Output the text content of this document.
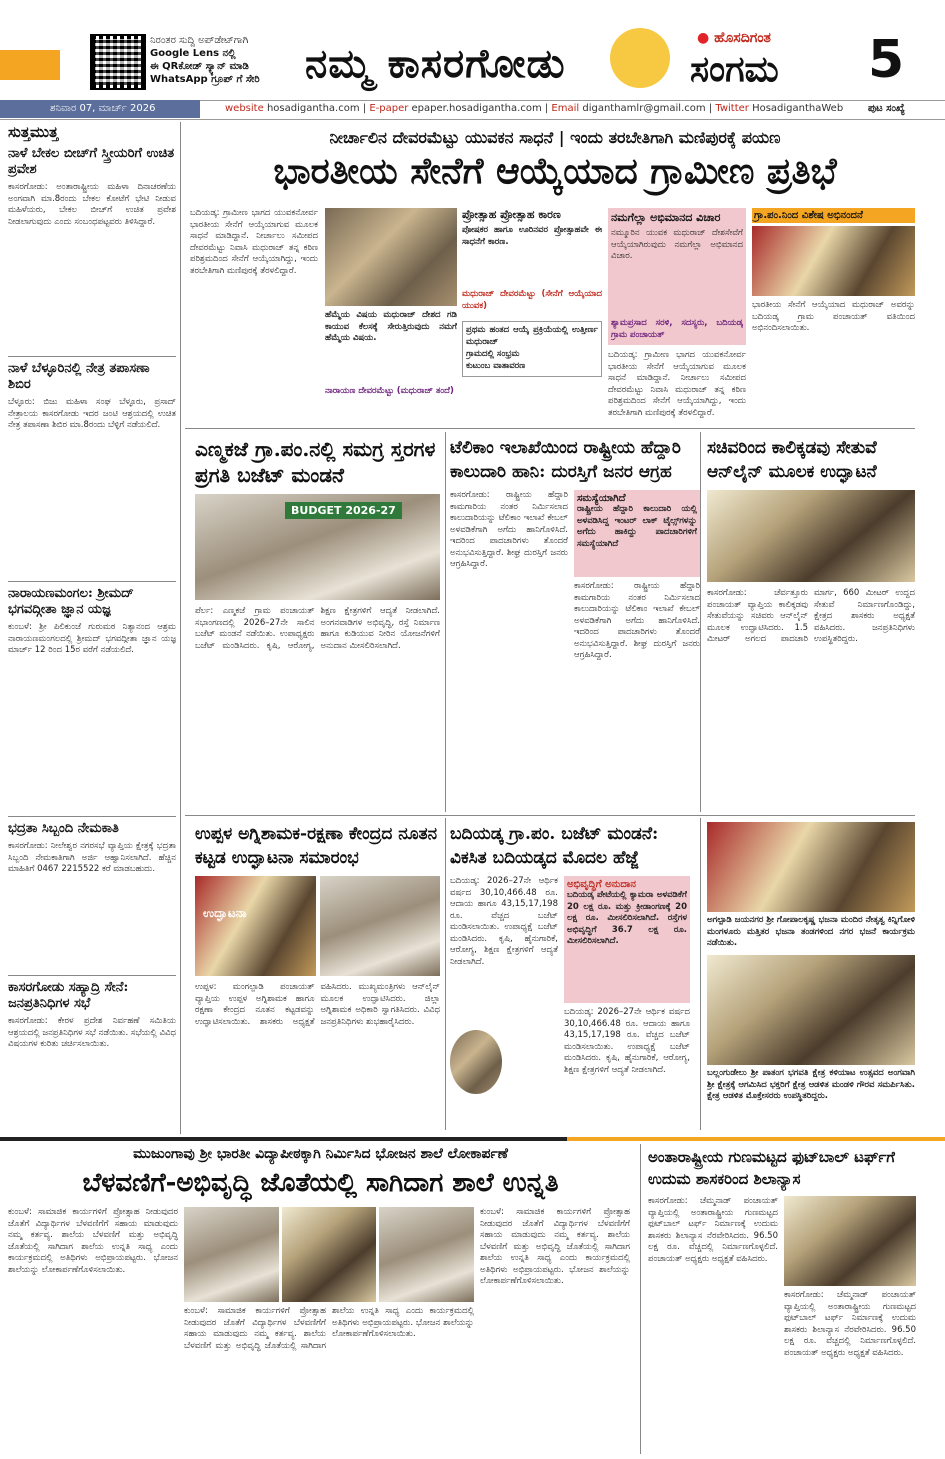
ನಿರಂತರ ಸುದ್ದಿ ಅಪ್‌ಡೇಟ್‌ಗಾಗಿ
Google Lens ನಲ್ಲಿ
ಈ QRಕೋಡ್ ಸ್ಕ್ಯಾನ್ ಮಾಡಿ
WhatsApp ಗ್ರೂಪ್ ಗೆ ಸೇರಿ	ನಮ್ಮ ಕಾಸರಗೋಡು
● ಹೊಸದಿಗಂತ
ಸಂಗಮ 5
ಶನಿವಾರ 07, ಮಾರ್ಚ್ 2026	website hosadigantha.com | E-paper epaper.hosadigantha.com | Email diganthamlr@gmail.com | Twitter HosadiganthaWeb ಪುಟ ಸಂಖ್ಯೆ
ಸುತ್ತಮುತ್ತ
ನಾಳೆ ಬೇಕಲ ಬೀಚ್‌ಗೆ ಸ್ತ್ರೀಯರಿಗೆ ಉಚಿತ ಪ್ರವೇಶ
ಕಾಸರಗೋಡು: ಅಂತಾರಾಷ್ಟ್ರೀಯ ಮಹಿಳಾ ದಿನಾಚರಣೆಯ ಅಂಗವಾಗಿ ಮಾ.8ರಂದು ಬೇಕಲ ಕೋಟೆಗೆ ಭೇಟಿ ನೀಡುವ ಮಹಿಳೆಯರು, ಬೇಕಲ ಬೀಚ್‌ಗೆ ಉಚಿತ ಪ್ರವೇಶ ನೀಡಲಾಗುವುದು ಎಂದು ಸಂಬಂಧಪಟ್ಟವರು ತಿಳಿಸಿದ್ದಾರೆ.
ನಾಳೆ ಬೆಳ್ಳೂರಿನಲ್ಲಿ ನೇತ್ರ ತಪಾಸಣಾ ಶಿಬಿರ
ಬೆಳ್ಳೂರು: ಬಿಜು ಮಹಿಳಾ ಸಂಘ ಬೆಳ್ಳೂರು, ಪ್ರಸಾದ್ ನೇತ್ರಾಲಯ ಕಾಸರಗೋಡು ಇದರ ಜಂಟಿ ಆಶ್ರಯದಲ್ಲಿ ಉಚಿತ ನೇತ್ರ ತಪಾಸಣಾ ಶಿಬಿರ ಮಾ.8ರಂದು ಬೆಳ್ಳಿಗೆ ನಡೆಯಲಿದೆ.
ನಾರಾಯಣಮಂಗಲ: ಶ್ರೀಮದ್ ಭಗವದ್ಗೀತಾ ಜ್ಞಾನ ಯಜ್ಞ
ಕುಂಬಳೆ: ಶ್ರೀ ಪಿಲಿಕುಂಜೆ ಗುರುಮಠ ನಿತ್ಯಾನಂದ ಆಶ್ರಮ ನಾರಾಯಣಮಂಗಲದಲ್ಲಿ ಶ್ರೀಮದ್ ಭಗವದ್ಗೀತಾ ಜ್ಞಾನ ಯಜ್ಞ ಮಾರ್ಚ್ 12 ರಿಂದ 15ರ ವರೆಗೆ ನಡೆಯಲಿದೆ.
ಭದ್ರತಾ ಸಿಬ್ಬಂದಿ ನೇಮಕಾತಿ
ಕಾಸರಗೋಡು: ನೀಲೇಶ್ವರ ನಗರಸಭೆ ವ್ಯಾಪ್ತಿಯ ಕ್ಷೇತ್ರಕ್ಕೆ ಭದ್ರತಾ ಸಿಬ್ಬಂದಿ ನೇಮಕಾತಿಗಾಗಿ ಅರ್ಜಿ ಆಹ್ವಾನಿಸಲಾಗಿದೆ. ಹೆಚ್ಚಿನ ಮಾಹಿತಿಗೆ 0467 2215522 ಕರೆ ಮಾಡಬಹುದು.
ಕಾಸರಗೋಡು ಸಹ್ಯಾದ್ರಿ ಸೇನೆ: ಜನಪ್ರತಿನಿಧಿಗಳ ಸಭೆ
ಕಾಸರಗೋಡು: ಕೇರಳ ಪ್ರದೇಶ ನಿರ್ವಹಣೆ ಸಮಿತಿಯ ಆಶ್ರಯದಲ್ಲಿ ಜನಪ್ರತಿನಿಧಿಗಳ ಸಭೆ ನಡೆಯಿತು. ಸಭೆಯಲ್ಲಿ ವಿವಿಧ ವಿಷಯಗಳ ಕುರಿತು ಚರ್ಚಿಸಲಾಯಿತು.
ನೀರ್ಚಾಲಿನ ದೇವರಮೆಟ್ಟು ಯುವಕನ ಸಾಧನೆ | ಇಂದು ತರಬೇತಿಗಾಗಿ ಮಣಿಪುರಕ್ಕೆ ಪಯಣ
ಭಾರತೀಯ ಸೇನೆಗೆ ಆಯ್ಕೆಯಾದ ಗ್ರಾಮೀಣ ಪ್ರತಿಭೆ
ಬದಿಯಡ್ಕ: ಗ್ರಾಮೀಣ ಭಾಗದ ಯುವಕನೋರ್ವ ಭಾರತೀಯ ಸೇನೆಗೆ ಆಯ್ಕೆಯಾಗುವ ಮೂಲಕ ಸಾಧನೆ ಮಾಡಿದ್ದಾನೆ. ನೀರ್ಚಾಲು ಸಮೀಪದ ದೇವರಮೆಟ್ಟು ನಿವಾಸಿ ಮಧುರಾಜ್ ತನ್ನ ಕಠಿಣ ಪರಿಶ್ರಮದಿಂದ ಸೇನೆಗೆ ಆಯ್ಕೆಯಾಗಿದ್ದು, ಇಂದು ತರಬೇತಿಗಾಗಿ ಮಣಿಪುರಕ್ಕೆ ತೆರಳಲಿದ್ದಾರೆ.
ಹೆಮ್ಮೆಯ ವಿಷಯ ಮಧುರಾಜ್ ದೇಶದ ಗಡಿ ಕಾಯುವ ಕೆಲಸಕ್ಕೆ ಸೇರುತ್ತಿರುವುದು ನಮಗೆ ಹೆಮ್ಮೆಯ ವಿಷಯ.
ನಾರಾಯಣ ದೇವರಮೆಟ್ಟು (ಮಧುರಾಜ್ ತಂದೆ)
ಪ್ರೋತ್ಸಾಹ ಪ್ರೋತ್ಸಾಹ ಕಾರಣ
ಪೋಷಕರ ಹಾಗೂ ಊರಿನವರ ಪ್ರೋತ್ಸಾಹವೇ ಈ ಸಾಧನೆಗೆ ಕಾರಣ.
ಮಧುರಾಜ್ ದೇವರಮೆಟ್ಟು (ಸೇನೆಗೆ ಆಯ್ಕೆಯಾದ ಯುವಕ)
ಪ್ರಥಮ ಹಂತದ ಆಯ್ಕೆ ಪ್ರಕ್ರಿಯೆಯಲ್ಲಿ ಉತ್ತೀರ್ಣ ಮಧುರಾಜ್
ಗ್ರಾಮದಲ್ಲಿ ಸಂಭ್ರಮ
ಕುಟುಂಬ ವಾತಾವರಣ
ನಮಗೆಲ್ಲಾ ಅಭಿಮಾನದ ವಿಚಾರ
ನಮ್ಮೂರಿನ ಯುವಕ ಮಧುರಾಜ್ ದೇಶಸೇವೆಗೆ ಆಯ್ಕೆಯಾಗಿರುವುದು ನಮಗೆಲ್ಲಾ ಅಭಿಮಾನದ ವಿಚಾರ.
ಶ್ಯಾಮಪ್ರಸಾದ ಸರಳಿ, ಸದಸ್ಯರು, ಬದಿಯಡ್ಕ ಗ್ರಾಮ ಪಂಚಾಯತ್
ಬದಿಯಡ್ಕ: ಗ್ರಾಮೀಣ ಭಾಗದ ಯುವಕನೋರ್ವ ಭಾರತೀಯ ಸೇನೆಗೆ ಆಯ್ಕೆಯಾಗುವ ಮೂಲಕ ಸಾಧನೆ ಮಾಡಿದ್ದಾನೆ. ನೀರ್ಚಾಲು ಸಮೀಪದ ದೇವರಮೆಟ್ಟು ನಿವಾಸಿ ಮಧುರಾಜ್ ತನ್ನ ಕಠಿಣ ಪರಿಶ್ರಮದಿಂದ ಸೇನೆಗೆ ಆಯ್ಕೆಯಾಗಿದ್ದು, ಇಂದು ತರಬೇತಿಗಾಗಿ ಮಣಿಪುರಕ್ಕೆ ತೆರಳಲಿದ್ದಾರೆ.
ಗ್ರಾ.ಪಂ.ನಿಂದ ವಿಶೇಷ ಅಭಿನಂದನೆ
ಭಾರತೀಯ ಸೇನೆಗೆ ಆಯ್ಕೆಯಾದ ಮಧುರಾಜ್ ಅವರನ್ನು ಬದಿಯಡ್ಕ ಗ್ರಾಮ ಪಂಚಾಯತ್ ವತಿಯಿಂದ ಅಭಿನಂದಿಸಲಾಯಿತು.
ಎಣ್ಮಕಜೆ ಗ್ರಾ.ಪಂ.ನಲ್ಲಿ ಸಮಗ್ರ ಸ್ತರಗಳ ಪ್ರಗತಿ ಬಜೆಟ್ ಮಂಡನೆ
BUDGET 2026-27
ಪೆರ್ಲ: ಎಣ್ಮಕಜೆ ಗ್ರಾಮ ಪಂಚಾಯತ್ ಸಭಾಂಗಣದಲ್ಲಿ 2026–27ನೇ ಸಾಲಿನ ಬಜೆಟ್ ಮಂಡನೆ ನಡೆಯಿತು. ಉಪಾಧ್ಯಕ್ಷರು ಬಜೆಟ್ ಮಂಡಿಸಿದರು. ಕೃಷಿ, ಆರೋಗ್ಯ, ಶಿಕ್ಷಣ ಕ್ಷೇತ್ರಗಳಿಗೆ ಆದ್ಯತೆ ನೀಡಲಾಗಿದೆ. ಅಂಗನವಾಡಿಗಳ ಅಭಿವೃದ್ಧಿ, ರಸ್ತೆ ನಿರ್ಮಾಣ ಹಾಗೂ ಕುಡಿಯುವ ನೀರಿನ ಯೋಜನೆಗಳಿಗೆ ಅನುದಾನ ಮೀಸಲಿರಿಸಲಾಗಿದೆ.
ಟೆಲಿಕಾಂ ಇಲಾಖೆಯಿಂದ ರಾಷ್ಟ್ರೀಯ ಹೆದ್ದಾರಿ ಕಾಲುದಾರಿ ಹಾನಿ: ದುರಸ್ತಿಗೆ ಜನರ ಆಗ್ರಹ
ಕಾಸರಗೋಡು: ರಾಷ್ಟ್ರೀಯ ಹೆದ್ದಾರಿ ಕಾಮಗಾರಿಯ ನಂತರ ನಿರ್ಮಿಸಲಾದ ಕಾಲುದಾರಿಯನ್ನು ಟೆಲಿಕಾಂ ಇಲಾಖೆ ಕೇಬಲ್ ಅಳವಡಿಕೆಗಾಗಿ ಅಗೆದು ಹಾನಿಗೊಳಿಸಿದೆ. ಇದರಿಂದ ಪಾದಚಾರಿಗಳು ತೊಂದರೆ ಅನುಭವಿಸುತ್ತಿದ್ದಾರೆ. ಶೀಘ್ರ ದುರಸ್ತಿಗೆ ಜನರು ಆಗ್ರಹಿಸಿದ್ದಾರೆ.
ಸಮಸ್ಯೆಯಾಗಿದೆ
ರಾಷ್ಟ್ರೀಯ ಹೆದ್ದಾರಿ ಕಾಲುದಾರಿ ಯಲ್ಲಿ ಅಳವಡಿಸಿದ್ದ ಇಂಟರ್ ಲಾಕ್ ಟೈಲ್ಸ್‌ಗಳನ್ನು ಅಗೆದು ಹಾಕಿದ್ದು ಪಾದಚಾರಿಗಳಿಗೆ ಸಮಸ್ಯೆಯಾಗಿದೆ
ಕಾಸರಗೋಡು: ರಾಷ್ಟ್ರೀಯ ಹೆದ್ದಾರಿ ಕಾಮಗಾರಿಯ ನಂತರ ನಿರ್ಮಿಸಲಾದ ಕಾಲುದಾರಿಯನ್ನು ಟೆಲಿಕಾಂ ಇಲಾಖೆ ಕೇಬಲ್ ಅಳವಡಿಕೆಗಾಗಿ ಅಗೆದು ಹಾನಿಗೊಳಿಸಿದೆ. ಇದರಿಂದ ಪಾದಚಾರಿಗಳು ತೊಂದರೆ ಅನುಭವಿಸುತ್ತಿದ್ದಾರೆ. ಶೀಘ್ರ ದುರಸ್ತಿಗೆ ಜನರು ಆಗ್ರಹಿಸಿದ್ದಾರೆ.
ಸಚಿವರಿಂದ ಕಾಲಿಕ್ಕಡವು ಸೇತುವೆ ಆನ್‌ಲೈನ್ ಮೂಲಕ ಉದ್ಘಾಟನೆ
ಕಾಸರಗೋಡು: ಚೆರ್ವತ್ತೂರು ಪಂಚಾಯತ್ ವ್ಯಾಪ್ತಿಯ ಕಾಲಿಕ್ಕಡವು ಸೇತುವೆಯನ್ನು ಸಚಿವರು ಆನ್‌ಲೈನ್ ಮೂಲಕ ಉದ್ಘಾಟಿಸಿದರು. 1.5 ಮೀಟರ್ ಅಗಲದ ಪಾದಚಾರಿ ಮಾರ್ಗ, 660 ಮೀಟರ್ ಉದ್ದದ ಸೇತುವೆ ನಿರ್ಮಾಣಗೊಂಡಿದ್ದು, ಕ್ಷೇತ್ರದ ಶಾಸಕರು ಅಧ್ಯಕ್ಷತೆ ವಹಿಸಿದರು. ಜನಪ್ರತಿನಿಧಿಗಳು ಉಪಸ್ಥಿತರಿದ್ದರು.
ಉಪ್ಪಳ ಅಗ್ನಿಶಾಮಕ-ರಕ್ಷಣಾ ಕೇಂದ್ರದ ನೂತನ ಕಟ್ಟಡ ಉದ್ಘಾಟನಾ ಸಮಾರಂಭ
ಉದ್ಘಾಟನಾ
ಉಪ್ಪಳ: ಮಂಗಲ್ಪಾಡಿ ಪಂಚಾಯತ್ ವ್ಯಾಪ್ತಿಯ ಉಪ್ಪಳ ಅಗ್ನಿಶಾಮಕ ಹಾಗೂ ರಕ್ಷಣಾ ಕೇಂದ್ರದ ನೂತನ ಕಟ್ಟಡವನ್ನು ಉದ್ಘಾಟಿಸಲಾಯಿತು. ಶಾಸಕರು ಅಧ್ಯಕ್ಷತೆ ವಹಿಸಿದರು. ಮುಖ್ಯಮಂತ್ರಿಗಳು ಆನ್‌ಲೈನ್ ಮೂಲಕ ಉದ್ಘಾಟಿಸಿದರು. ಜಿಲ್ಲಾ ಅಗ್ನಿಶಾಮಕ ಅಧಿಕಾರಿ ಸ್ವಾಗತಿಸಿದರು. ವಿವಿಧ ಜನಪ್ರತಿನಿಧಿಗಳು ಶುಭಹಾರೈಸಿದರು.
ಬದಿಯಡ್ಕ ಗ್ರಾ.ಪಂ. ಬಜೆಟ್ ಮಂಡನೆ: ವಿಕಸಿತ ಬದಿಯಡ್ಕದ ಮೊದಲ ಹೆಜ್ಜೆ
ಬದಿಯಡ್ಕ: 2026–27ನೇ ಆರ್ಥಿಕ ವರ್ಷದ 30,10,466.48 ರೂ. ಆದಾಯ ಹಾಗೂ 43,15,17,198 ರೂ. ವೆಚ್ಚದ ಬಜೆಟ್ ಮಂಡಿಸಲಾಯಿತು. ಉಪಾಧ್ಯಕ್ಷೆ ಬಜೆಟ್ ಮಂಡಿಸಿದರು. ಕೃಷಿ, ಹೈನುಗಾರಿಕೆ, ಆರೋಗ್ಯ, ಶಿಕ್ಷಣ ಕ್ಷೇತ್ರಗಳಿಗೆ ಆದ್ಯತೆ ನೀಡಲಾಗಿದೆ.
ಅಭಿವೃದ್ಧಿಗೆ ಅನುದಾನ
ಬದಿಯಡ್ಕ ಪೇಟೆಯಲ್ಲಿ ಕ್ಯಾಮರಾ ಅಳವಡಿಕೆಗೆ 20 ಲಕ್ಷ ರೂ. ಮತ್ತು ಕ್ರೀಡಾಂಗಣಕ್ಕೆ 20 ಲಕ್ಷ ರೂ. ಮೀಸಲಿರಿಸಲಾಗಿದೆ. ರಸ್ತೆಗಳ ಅಭಿವೃದ್ಧಿಗೆ 36.7 ಲಕ್ಷ ರೂ. ಮೀಸಲಿರಿಸಲಾಗಿದೆ.
ಬದಿಯಡ್ಕ: 2026–27ನೇ ಆರ್ಥಿಕ ವರ್ಷದ 30,10,466.48 ರೂ. ಆದಾಯ ಹಾಗೂ 43,15,17,198 ರೂ. ವೆಚ್ಚದ ಬಜೆಟ್ ಮಂಡಿಸಲಾಯಿತು. ಉಪಾಧ್ಯಕ್ಷೆ ಬಜೆಟ್ ಮಂಡಿಸಿದರು. ಕೃಷಿ, ಹೈನುಗಾರಿಕೆ, ಆರೋಗ್ಯ, ಶಿಕ್ಷಣ ಕ್ಷೇತ್ರಗಳಿಗೆ ಆದ್ಯತೆ ನೀಡಲಾಗಿದೆ.
ಅಗಲ್ಪಾಡಿ ಜಯನಗರ ಶ್ರೀ ಗೋಪಾಲಕೃಷ್ಣ ಭಜನಾ ಮಂದಿರ ನೇತೃತ್ವ ಕಿನ್ನಿಗೋಳಿ ಮಂಗಳೂರು ಮತ್ತಿತರ ಭಜನಾ ತಂಡಗಳಿಂದ ನಗರ ಭಜನೆ ಕಾರ್ಯಕ್ರಮ ನಡೆಯಿತು.
ಬಲ್ಲಂಗುಡೇಲು ಶ್ರೀ ಪಾತಂಗ ಭಗವತಿ ಕ್ಷೇತ್ರ ಕಳಿಯಾಟ ಉತ್ಸವದ ಅಂಗವಾಗಿ ಶ್ರೀ ಕ್ಷೇತ್ರಕ್ಕೆ ಆಗಮಿಸಿದ ಭಕ್ತರಿಗೆ ಕ್ಷೇತ್ರ ಆಡಳಿತ ಮಂಡಳಿ ಗೌರವ ಸಮರ್ಪಿಸಿತು. ಕ್ಷೇತ್ರ ಆಡಳಿತ ಮೊಕ್ತೇಸರರು ಉಪಸ್ಥಿತರಿದ್ದರು.
ಮುಜುಂಗಾವು ಶ್ರೀ ಭಾರತೀ ವಿದ್ಯಾಪೀಠಕ್ಕಾಗಿ ನಿರ್ಮಿಸಿದ ಭೋಜನ ಶಾಲೆ ಲೋಕಾರ್ಪಣೆ
ಬೆಳವಣಿಗೆ-ಅಭಿವೃದ್ಧಿ ಜೊತೆಯಲ್ಲಿ ಸಾಗಿದಾಗ ಶಾಲೆ ಉನ್ನತಿ
ಕುಂಬಳೆ: ಸಾಮಾಜಿಕ ಕಾರ್ಯಗಳಿಗೆ ಪ್ರೋತ್ಸಾಹ ನೀಡುವುದರ ಜೊತೆಗೆ ವಿದ್ಯಾರ್ಥಿಗಳ ಬೆಳವಣಿಗೆಗೆ ಸಹಾಯ ಮಾಡುವುದು ನಮ್ಮ ಕರ್ತವ್ಯ. ಶಾಲೆಯ ಬೆಳವಣಿಗೆ ಮತ್ತು ಅಭಿವೃದ್ಧಿ ಜೊತೆಯಲ್ಲಿ ಸಾಗಿದಾಗ ಶಾಲೆಯ ಉನ್ನತಿ ಸಾಧ್ಯ ಎಂದು ಕಾರ್ಯಕ್ರಮದಲ್ಲಿ ಅತಿಥಿಗಳು ಅಭಿಪ್ರಾಯಪಟ್ಟರು. ಭೋಜನ ಶಾಲೆಯನ್ನು ಲೋಕಾರ್ಪಣೆಗೊಳಿಸಲಾಯಿತು.
ಕುಂಬಳೆ: ಸಾಮಾಜಿಕ ಕಾರ್ಯಗಳಿಗೆ ಪ್ರೋತ್ಸಾಹ ನೀಡುವುದರ ಜೊತೆಗೆ ವಿದ್ಯಾರ್ಥಿಗಳ ಬೆಳವಣಿಗೆಗೆ ಸಹಾಯ ಮಾಡುವುದು ನಮ್ಮ ಕರ್ತವ್ಯ. ಶಾಲೆಯ ಬೆಳವಣಿಗೆ ಮತ್ತು ಅಭಿವೃದ್ಧಿ ಜೊತೆಯಲ್ಲಿ ಸಾಗಿದಾಗ ಶಾಲೆಯ ಉನ್ನತಿ ಸಾಧ್ಯ ಎಂದು ಕಾರ್ಯಕ್ರಮದಲ್ಲಿ ಅತಿಥಿಗಳು ಅಭಿಪ್ರಾಯಪಟ್ಟರು. ಭೋಜನ ಶಾಲೆಯನ್ನು ಲೋಕಾರ್ಪಣೆಗೊಳಿಸಲಾಯಿತು.
ಕುಂಬಳೆ: ಸಾಮಾಜಿಕ ಕಾರ್ಯಗಳಿಗೆ ಪ್ರೋತ್ಸಾಹ ನೀಡುವುದರ ಜೊತೆಗೆ ವಿದ್ಯಾರ್ಥಿಗಳ ಬೆಳವಣಿಗೆಗೆ ಸಹಾಯ ಮಾಡುವುದು ನಮ್ಮ ಕರ್ತವ್ಯ. ಶಾಲೆಯ ಬೆಳವಣಿಗೆ ಮತ್ತು ಅಭಿವೃದ್ಧಿ ಜೊತೆಯಲ್ಲಿ ಸಾಗಿದಾಗ ಶಾಲೆಯ ಉನ್ನತಿ ಸಾಧ್ಯ ಎಂದು ಕಾರ್ಯಕ್ರಮದಲ್ಲಿ ಅತಿಥಿಗಳು ಅಭಿಪ್ರಾಯಪಟ್ಟರು. ಭೋಜನ ಶಾಲೆಯನ್ನು ಲೋಕಾರ್ಪಣೆಗೊಳಿಸಲಾಯಿತು.
ಅಂತಾರಾಷ್ಟ್ರೀಯ ಗುಣಮಟ್ಟದ ಫುಟ್‌ಬಾಲ್ ಟರ್ಫ್‌ಗೆ ಉದುಮ ಶಾಸಕರಿಂದ ಶಿಲಾನ್ಯಾಸ
ಕಾಸರಗೋಡು: ಚೆಮ್ಮನಾಡ್ ಪಂಚಾಯತ್ ವ್ಯಾಪ್ತಿಯಲ್ಲಿ ಅಂತಾರಾಷ್ಟ್ರೀಯ ಗುಣಮಟ್ಟದ ಫುಟ್‌ಬಾಲ್ ಟರ್ಫ್ ನಿರ್ಮಾಣಕ್ಕೆ ಉದುಮ ಶಾಸಕರು ಶಿಲಾನ್ಯಾಸ ನೆರವೇರಿಸಿದರು. 96.50 ಲಕ್ಷ ರೂ. ವೆಚ್ಚದಲ್ಲಿ ನಿರ್ಮಾಣಗೊಳ್ಳಲಿದೆ. ಪಂಚಾಯತ್ ಅಧ್ಯಕ್ಷರು ಅಧ್ಯಕ್ಷತೆ ವಹಿಸಿದರು.
ಕಾಸರಗೋಡು: ಚೆಮ್ಮನಾಡ್ ಪಂಚಾಯತ್ ವ್ಯಾಪ್ತಿಯಲ್ಲಿ ಅಂತಾರಾಷ್ಟ್ರೀಯ ಗುಣಮಟ್ಟದ ಫುಟ್‌ಬಾಲ್ ಟರ್ಫ್ ನಿರ್ಮಾಣಕ್ಕೆ ಉದುಮ ಶಾಸಕರು ಶಿಲಾನ್ಯಾಸ ನೆರವೇರಿಸಿದರು. 96.50 ಲಕ್ಷ ರೂ. ವೆಚ್ಚದಲ್ಲಿ ನಿರ್ಮಾಣಗೊಳ್ಳಲಿದೆ. ಪಂಚಾಯತ್ ಅಧ್ಯಕ್ಷರು ಅಧ್ಯಕ್ಷತೆ ವಹಿಸಿದರು.
